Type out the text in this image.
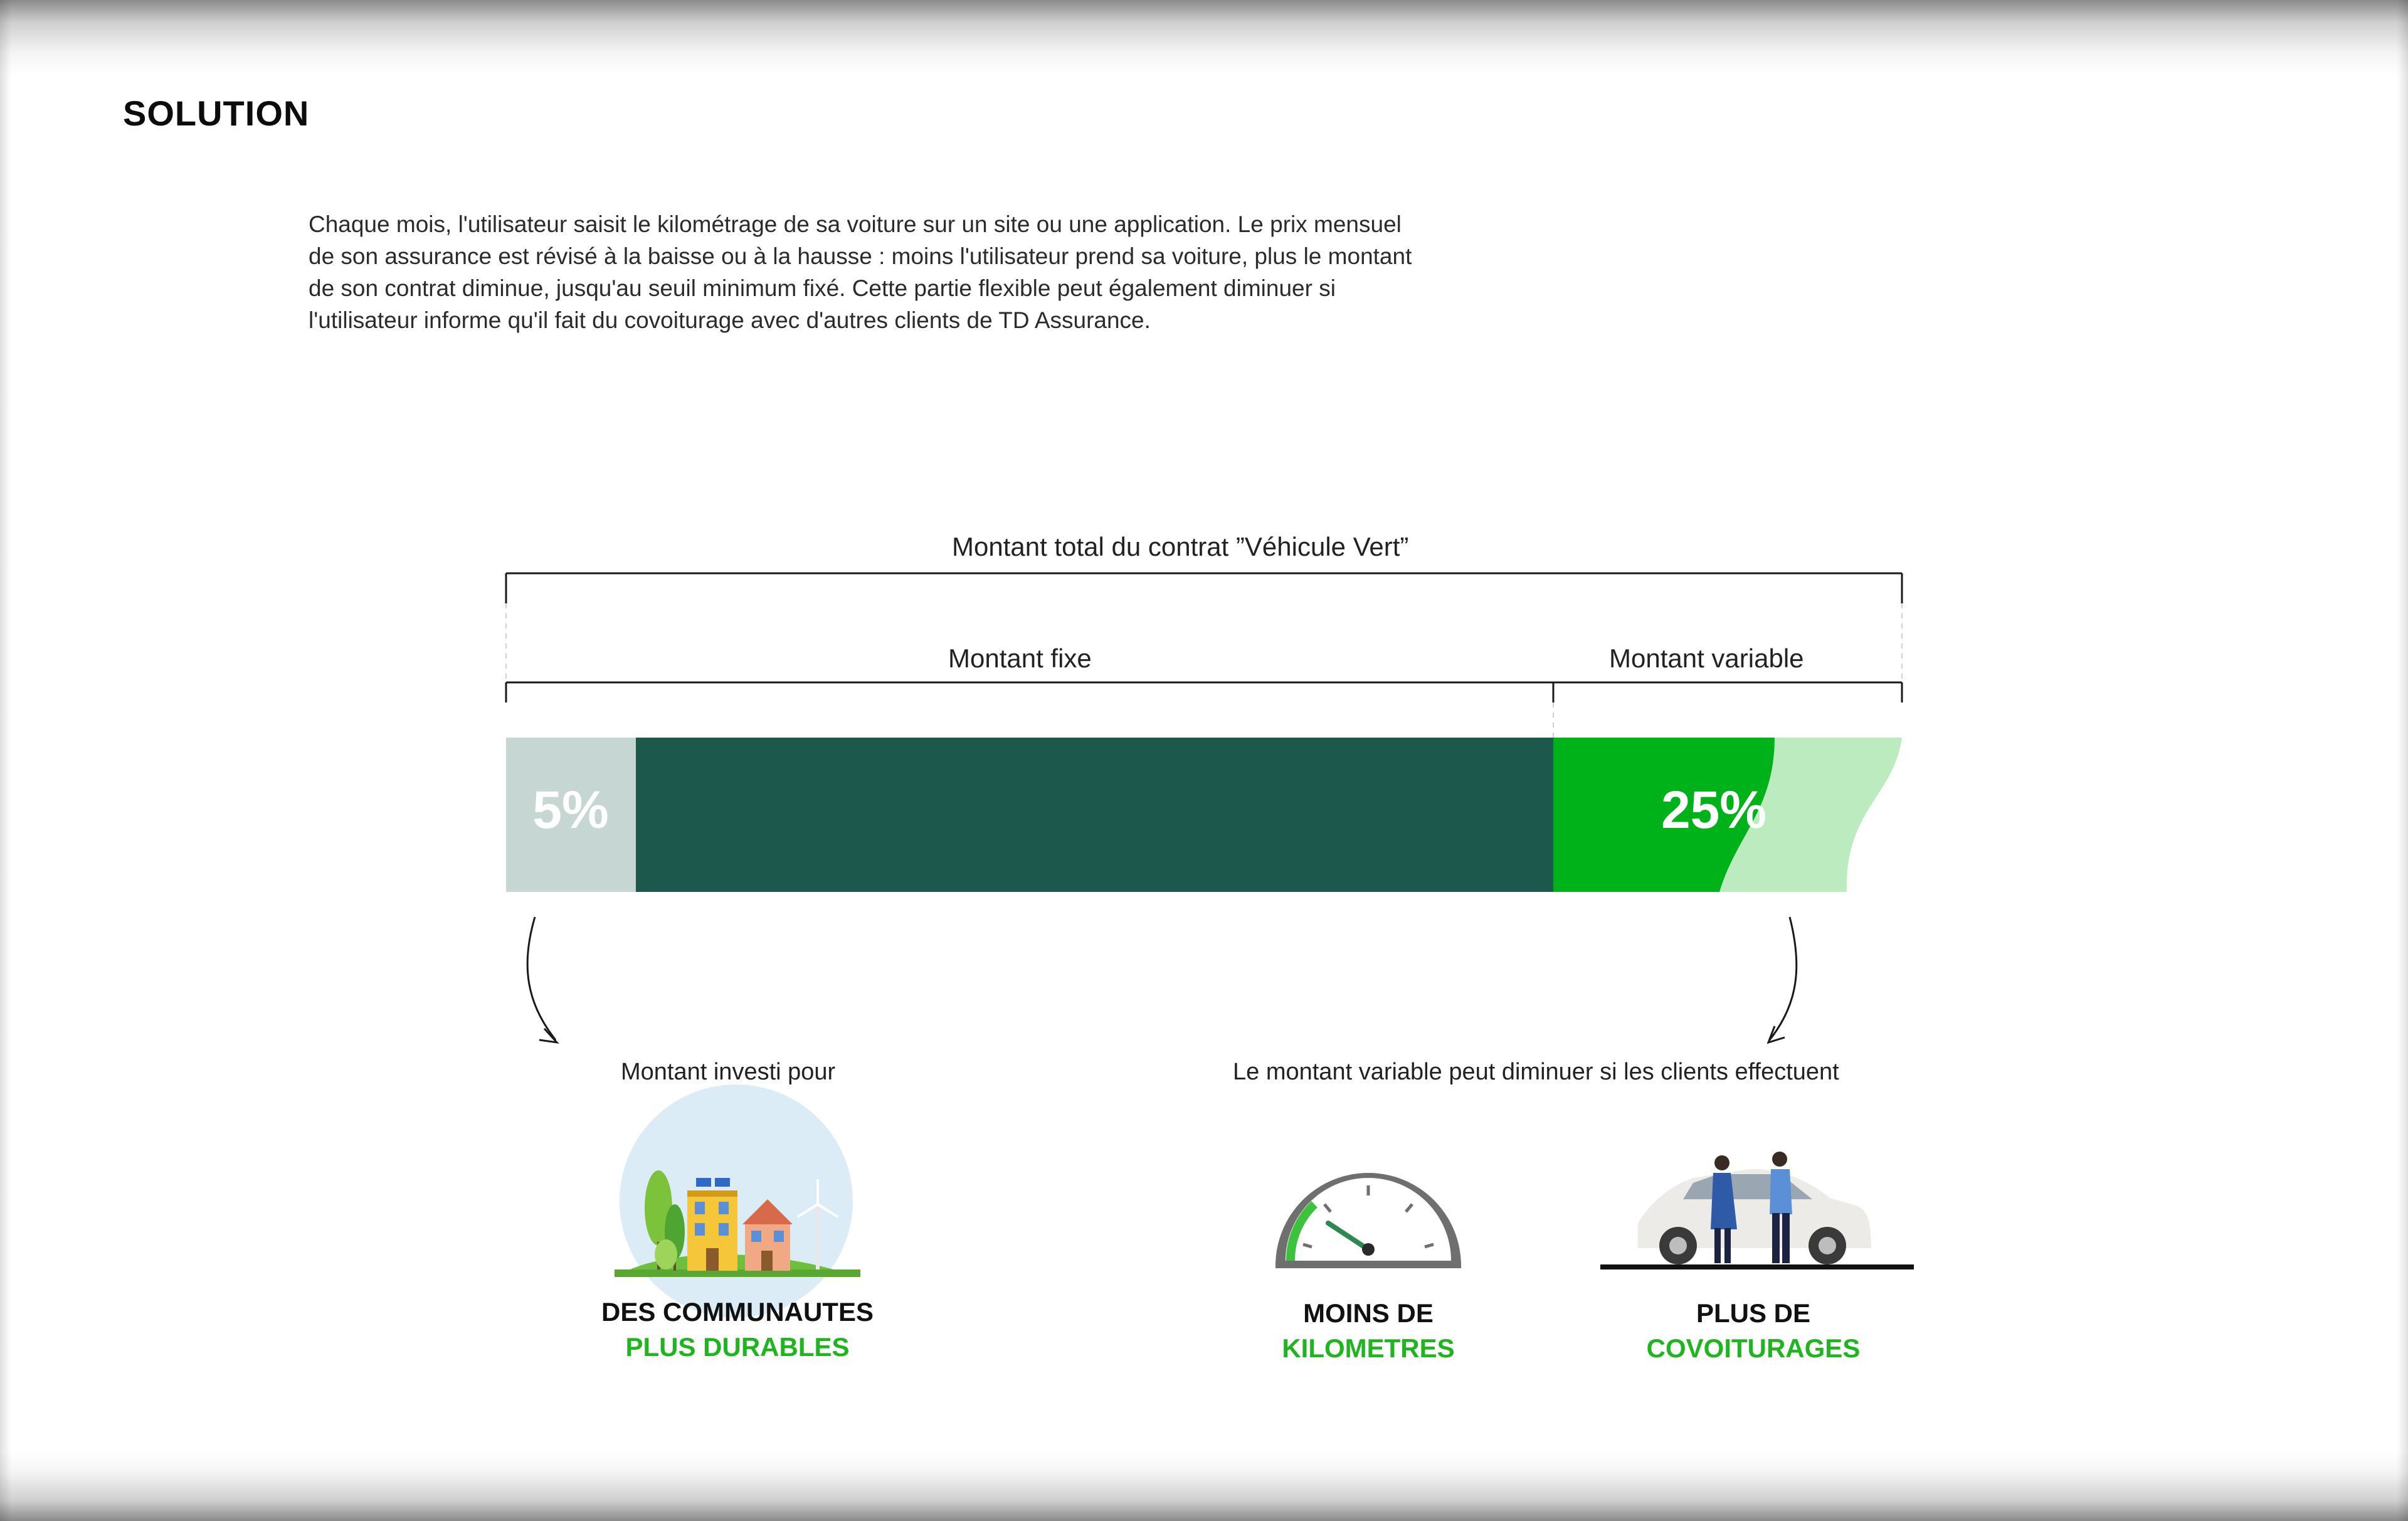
SOLUTION

Chaque mois, l'utilisateur saisit le kilométrage de sa voiture sur un site ou une application. Le prix mensuel de son assurance est révisé à la baisse ou à la hausse : moins l'utilisateur prend sa voiture, plus le montant de son contrat diminue, jusqu'au seuil minimum fixé. Cette partie flexible peut également diminuer si l'utilisateur informe qu'il fait du covoiturage avec d'autres clients de TD Assurance.

5%	25%
Montant total du contrat ”Véhicule Vert”
Montant fixe	Montant variable
Montant investi pour	Le montant variable peut diminuer si les clients effectuent
DES COMMUNAUTES
PLUS DURABLES
MOINS DE
KILOMETRES
PLUS DE
COVOITURAGES
